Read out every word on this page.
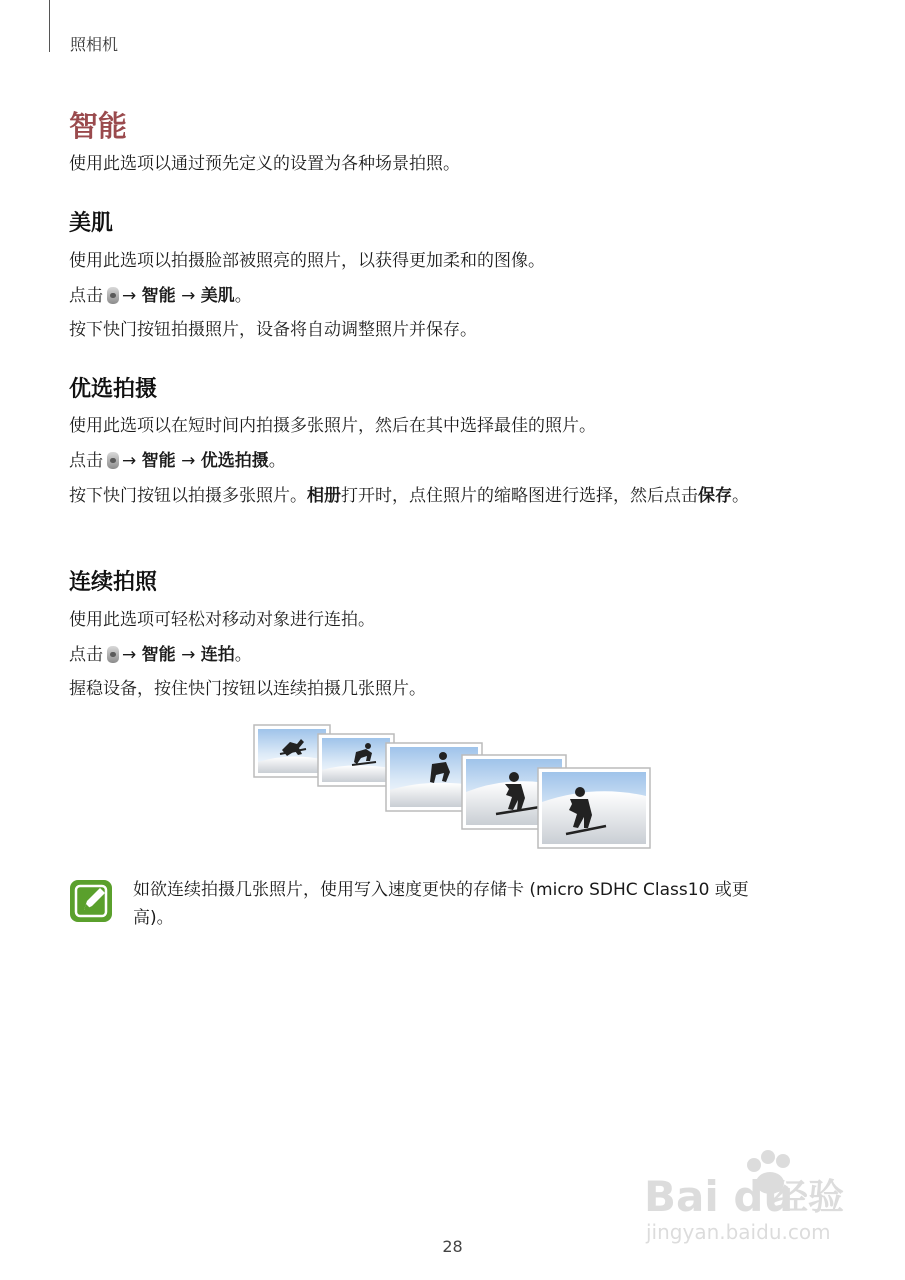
照相机
智能
使用此选项以通过预先定义的设置为各种场景拍照。
美肌
使用此选项以拍摄脸部被照亮的照片，以获得更加柔和的图像。
点击 → 智能 → 美肌。
按下快门按钮拍摄照片，设备将自动调整照片并保存。
优选拍摄
使用此选项以在短时间内拍摄多张照片，然后在其中选择最佳的照片。
点击 → 智能 → 优选拍摄。
按下快门按钮以拍摄多张照片。相册打开时，点住照片的缩略图进行选择，然后点击保存。
连续拍照
使用此选项可轻松对移动对象进行连拍。
点击 → 智能 → 连拍。
握稳设备，按住快门按钮以连续拍摄几张照片。
如欲连续拍摄几张照片，使用写入速度更快的存储卡 (micro SDHC Class10 或更高)。
Bai du
经验
jingyan.baidu.com
28
